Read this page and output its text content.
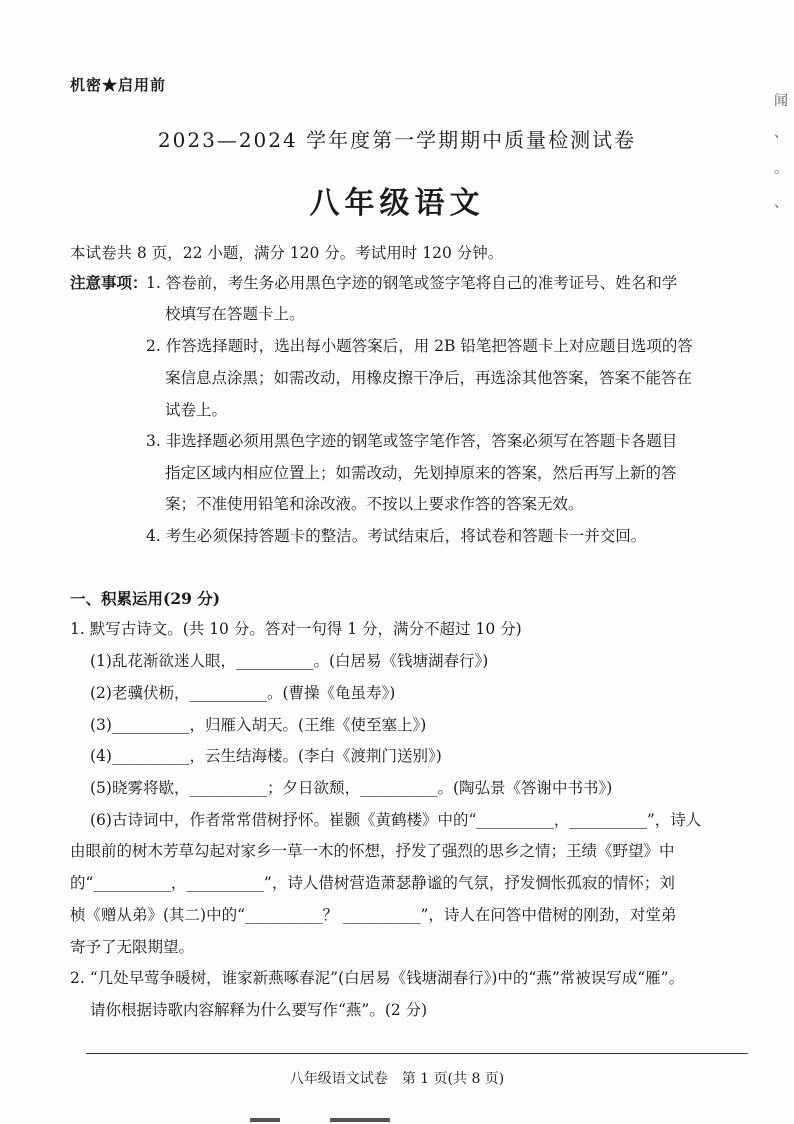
机密★启用前
2023—2024 学年度第一学期期中质量检测试卷
八年级语文
本试卷共 8 页，22 小题，满分 120 分。考试用时 120 分钟。
注意事项：
1. 答卷前，考生务必用黑色字迹的钢笔或签字笔将自己的准考证号、姓名和学
校填写在答题卡上。
2. 作答选择题时，选出每小题答案后，用 2B 铅笔把答题卡上对应题目选项的答
案信息点涂黑；如需改动，用橡皮擦干净后，再选涂其他答案，答案不能答在
试卷上。
3. 非选择题必须用黑色字迹的钢笔或签字笔作答，答案必须写在答题卡各题目
指定区域内相应位置上；如需改动，先划掉原来的答案，然后再写上新的答
案；不准使用铅笔和涂改液。不按以上要求作答的答案无效。
4. 考生必须保持答题卡的整洁。考试结束后，将试卷和答题卡一并交回。
一、积累运用(29 分)
1. 默写古诗文。(共 10 分。答对一句得 1 分，满分不超过 10 分)
(1)乱花渐欲迷人眼，__________。(白居易《钱塘湖春行》)
(2)老骥伏枥，__________。(曹操《龟虽寿》)
(3)__________，归雁入胡天。(王维《使至塞上》)
(4)__________，云生结海楼。(李白《渡荆门送别》)
(5)晓雾将歇，__________；夕日欲颓，__________。(陶弘景《答谢中书书》)
(6)古诗词中，作者常常借树抒怀。崔颢《黄鹤楼》中的“__________，__________”，诗人
由眼前的树木芳草勾起对家乡一草一木的怀想，抒发了强烈的思乡之情；王绩《野望》中
的“__________，__________”，诗人借树营造萧瑟静谧的气氛，抒发惆怅孤寂的情怀；刘
桢《赠从弟》(其二)中的“__________？ __________”，诗人在问答中借树的刚劲，对堂弟
寄予了无限期望。
2. “几处早莺争暖树，谁家新燕啄春泥”(白居易《钱塘湖春行》)中的“燕”常被误写成“雁”。
请你根据诗歌内容解释为什么要写作“燕”。(2 分)
八年级语文试卷　第 1 页(共 8 页)
闻
、
。
、
